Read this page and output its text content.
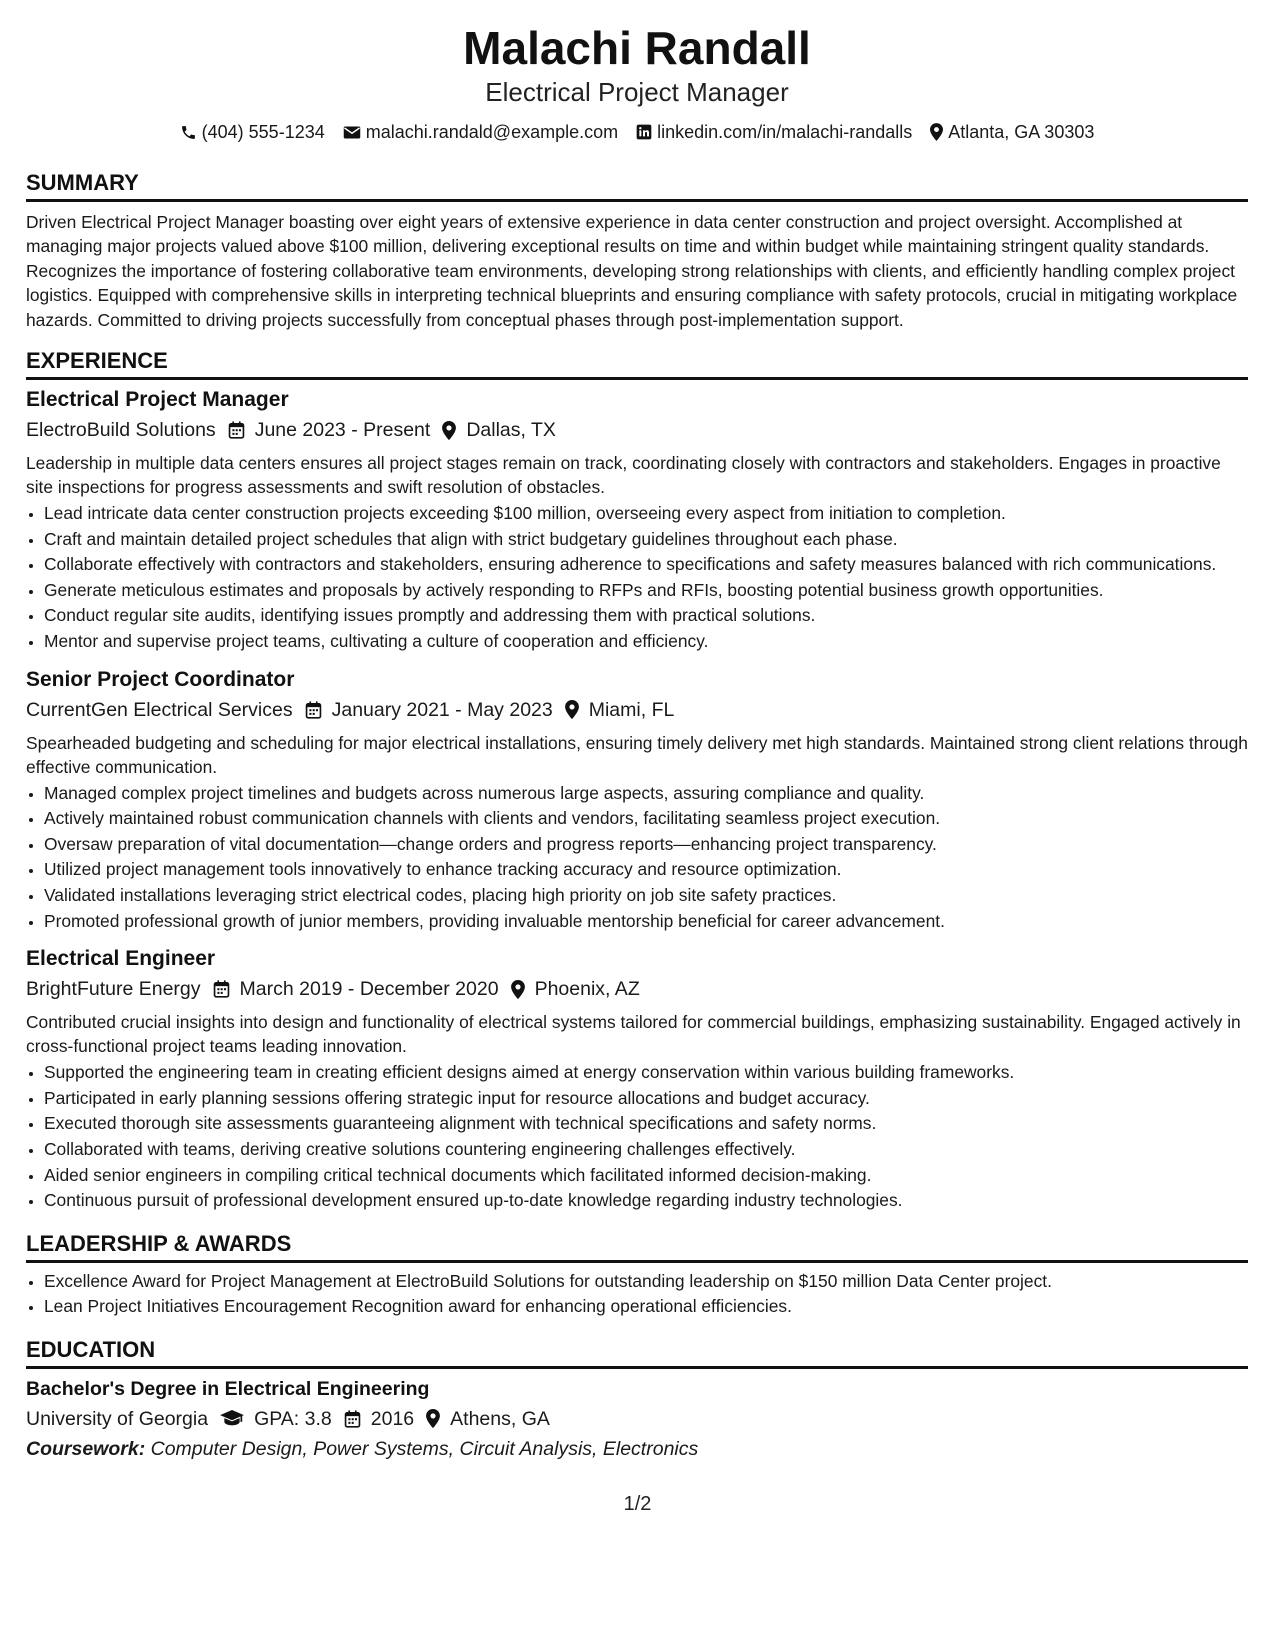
Malachi Randall
Electrical Project Manager
(404) 555-1234 malachi.randald@example.com linkedin.com/in/malachi-randalls Atlanta, GA 30303
SUMMARY

Driven Electrical Project Manager boasting over eight years of extensive experience in data center construction and project oversight. Accomplished at managing major projects valued above $100 million, delivering exceptional results on time and within budget while maintaining stringent quality standards. Recognizes the importance of fostering collaborative team environments, developing strong relationships with clients, and efficiently handling complex project logistics. Equipped with comprehensive skills in interpreting technical blueprints and ensuring compliance with safety protocols, crucial in mitigating workplace hazards. Committed to driving projects successfully from conceptual phases through post-implementation support.

EXPERIENCE
Electrical Project Manager
ElectroBuild Solutions June 2023 - Present Dallas, TX

Leadership in multiple data centers ensures all project stages remain on track, coordinating closely with contractors and stakeholders. Engages in proactive site inspections for progress assessments and swift resolution of obstacles.

• Lead intricate data center construction projects exceeding $100 million, overseeing every aspect from initiation to completion.
• Craft and maintain detailed project schedules that align with strict budgetary guidelines throughout each phase.
• Collaborate effectively with contractors and stakeholders, ensuring adherence to specifications and safety measures balanced with rich communications.
• Generate meticulous estimates and proposals by actively responding to RFPs and RFIs, boosting potential business growth opportunities.
• Conduct regular site audits, identifying issues promptly and addressing them with practical solutions.
• Mentor and supervise project teams, cultivating a culture of cooperation and efficiency.
Senior Project Coordinator
CurrentGen Electrical Services January 2021 - May 2023 Miami, FL

Spearheaded budgeting and scheduling for major electrical installations, ensuring timely delivery met high standards. Maintained strong client relations through effective communication.

• Managed complex project timelines and budgets across numerous large aspects, assuring compliance and quality.
• Actively maintained robust communication channels with clients and vendors, facilitating seamless project execution.
• Oversaw preparation of vital documentation—change orders and progress reports—enhancing project transparency.
• Utilized project management tools innovatively to enhance tracking accuracy and resource optimization.
• Validated installations leveraging strict electrical codes, placing high priority on job site safety practices.
• Promoted professional growth of junior members, providing invaluable mentorship beneficial for career advancement.
Electrical Engineer
BrightFuture Energy March 2019 - December 2020 Phoenix, AZ

Contributed crucial insights into design and functionality of electrical systems tailored for commercial buildings, emphasizing sustainability. Engaged actively in cross-functional project teams leading innovation.

• Supported the engineering team in creating efficient designs aimed at energy conservation within various building frameworks.
• Participated in early planning sessions offering strategic input for resource allocations and budget accuracy.
• Executed thorough site assessments guaranteeing alignment with technical specifications and safety norms.
• Collaborated with teams, deriving creative solutions countering engineering challenges effectively.
• Aided senior engineers in compiling critical technical documents which facilitated informed decision-making.
• Continuous pursuit of professional development ensured up-to-date knowledge regarding industry technologies.
LEADERSHIP & AWARDS
• Excellence Award for Project Management at ElectroBuild Solutions for outstanding leadership on $150 million Data Center project.
• Lean Project Initiatives Encouragement Recognition award for enhancing operational efficiencies.
EDUCATION
Bachelor's Degree in Electrical Engineering
University of Georgia GPA: 3.8 2016 Athens, GA
Coursework: Computer Design, Power Systems, Circuit Analysis, Electronics
1/2
